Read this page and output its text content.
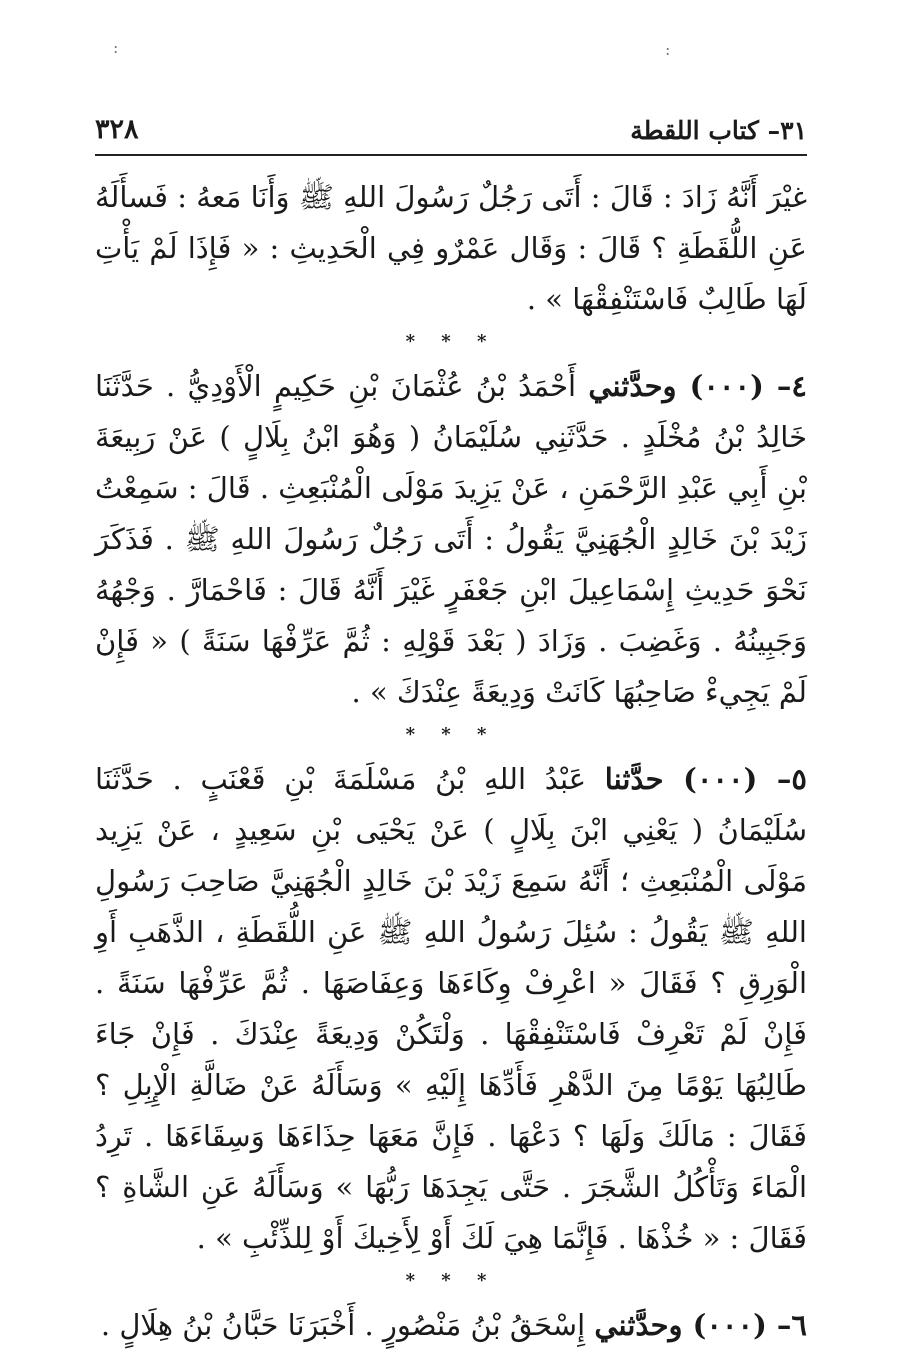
:	:
٣٢٨	٣١– كتاب اللقطة

غيْرَ أَنَّهُ زَادَ : قَالَ : أَتَى رَجُلٌ رَسُولَ اللهِ ﷺ وَأَنَا مَعهُ : فَسأَلَهُ عَنِ اللُّقَطَةِ ؟ قَالَ : وَقَال عَمْرٌو فِي الْحَدِيثِ : « فَإِذَا لَمْ يَأْتِ لَهَا طَالِبٌ فَاسْتَنْفِقْهَا » .

* * *

٤– (٠٠٠) وحدَّثني أَحْمَدُ بْنُ عُثْمَانَ بْنِ حَكِيمٍ الْأَوْدِيُّ . حَدَّثَنَا خَالِدُ بْنُ مُخْلَدٍ . حَدَّثَنِي سُلَيْمَانُ ( وَهُوَ ابْنُ بِلَالٍ ) عَنْ رَبِيعَةَ بْنِ أَبِي عَبْدِ الرَّحْمَنِ ، عَنْ يَزِيدَ مَوْلَى الْمُنْبَعِثِ . قَالَ : سَمِعْتُ زَيْدَ بْنَ خَالِدٍ الْجُهَنِيَّ يَقُولُ : أَتَى رَجُلٌ رَسُولَ اللهِ ﷺ . فَذَكَرَ نَحْوَ حَدِيثِ إِسْمَاعِيلَ ابْنِ جَعْفَرٍ غَيْرَ أَنَّهُ قَالَ : فَاحْمَارَّ . وَجْهُهُ وَجَبِينُهُ . وَغَضِبَ . وَزَادَ ( بَعْدَ قَوْلِهِ : ثُمَّ عَرِّفْهَا سَنَةً ) « فَإِنْ لَمْ يَجِيءْ صَاحِبُهَا كَانَتْ وَدِيعَةً عِنْدَكَ » .

* * *

٥– (٠٠٠) حدَّثنا عَبْدُ اللهِ بْنُ مَسْلَمَةَ بْنِ قَعْنَبٍ . حَدَّثَنَا سُلَيْمَانُ ( يَعْنِي ابْنَ بِلَالٍ ) عَنْ يَحْيَى بْنِ سَعِيدٍ ، عَنْ يَزِيد مَوْلَى الْمُنْبَعِثِ ؛ أَنَّهُ سَمِعَ زَيْدَ بْنَ خَالِدٍ الْجُهَنِيَّ صَاحِبَ رَسُولِ اللهِ ﷺ يَقُولُ : سُئِلَ رَسُولُ اللهِ ﷺ عَنِ اللُّقَطَةِ ، الذَّهَبِ أَوِ الْوَرِقِ ؟ فَقَالَ « اعْرِفْ وِكَاءَهَا وَعِفَاصَهَا . ثُمَّ عَرِّفْهَا سَنَةً . فَإِنْ لَمْ تَعْرِفْ فَاسْتَنْفِقْهَا . وَلْتَكُنْ وَدِيعَةً عِنْدَكَ . فَإِنْ جَاءَ طَالِبُهَا يَوْمًا مِنَ الدَّهْرِ فَأَدِّهَا إِلَيْهِ » وَسَأَلَهُ عَنْ ضَالَّةِ الْإِبِلِ ؟ فَقَالَ : مَالَكَ وَلَهَا ؟ دَعْهَا . فَإِنَّ مَعَهَا حِذَاءَهَا وَسِقَاءَهَا . تَرِدُ الْمَاءَ وَتَأْكُلُ الشَّجَرَ . حَتَّى يَجِدَهَا رَبُّهَا » وَسَأَلَهُ عَنِ الشَّاةِ ؟ فَقَالَ : « خُذْهَا . فَإِنَّمَا هِيَ لَكَ أَوْ لِأَخِيكَ أَوْ لِلذِّئْبِ » .

* * *

٦– (٠٠٠) وحدَّثني إِسْحَقُ بْنُ مَنْصُورٍ . أَخْبَرَنَا حَبَّانُ بْنُ هِلَالٍ .
